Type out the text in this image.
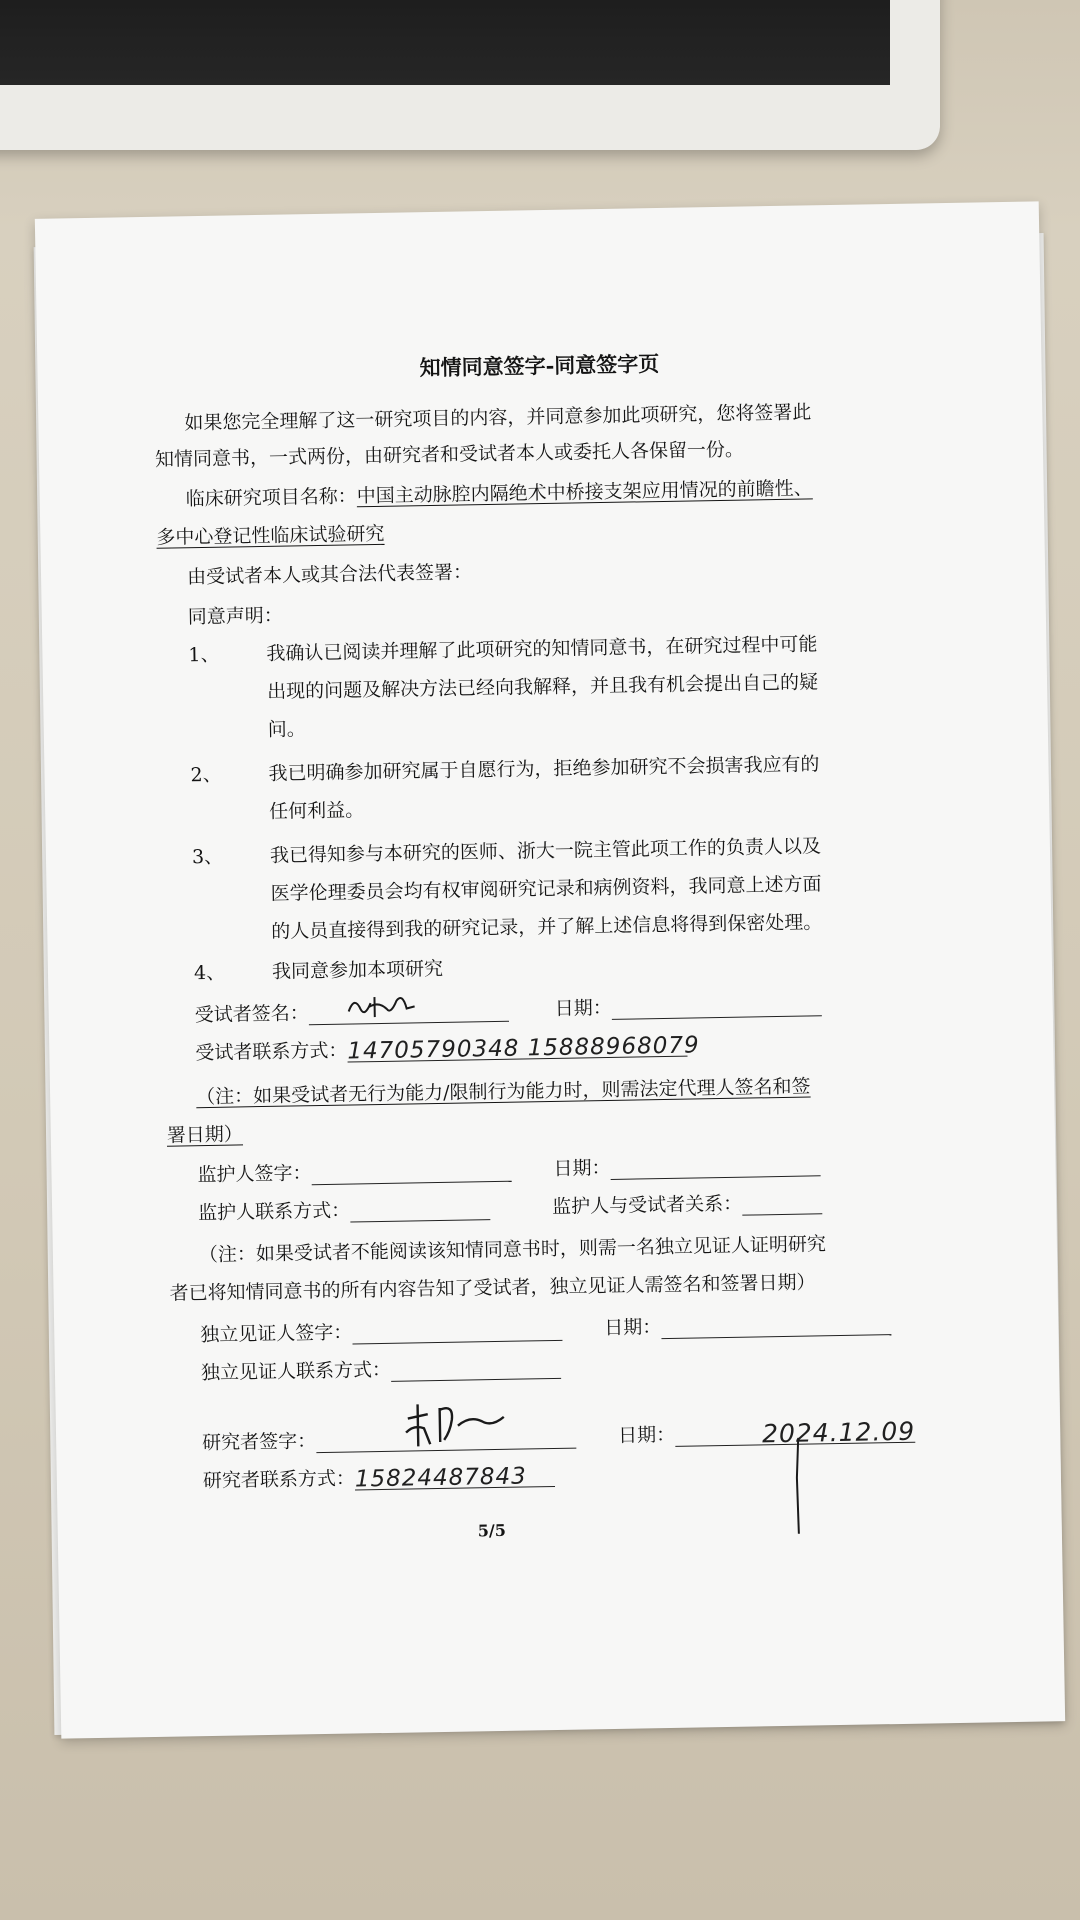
知情同意签字-同意签字页
如果您完全理解了这一研究项目的内容，并同意参加此项研究，您将签署此
知情同意书，一式两份，由研究者和受试者本人或委托人各保留一份。
临床研究项目名称：中国主动脉腔内隔绝术中桥接支架应用情况的前瞻性、
多中心登记性临床试验研究
由受试者本人或其合法代表签署：
同意声明：
1、 我确认已阅读并理解了此项研究的知情同意书，在研究过程中可能
出现的问题及解决方法已经向我解释，并且我有机会提出自己的疑
问。
2、 我已明确参加研究属于自愿行为，拒绝参加研究不会损害我应有的
任何利益。
3、 我已得知参与本研究的医师、浙大一院主管此项工作的负责人以及
医学伦理委员会均有权审阅研究记录和病例资料，我同意上述方面
的人员直接得到我的研究记录，并了解上述信息将得到保密处理。
4、 我同意参加本项研究
受试者签名：	日期：
受试者联系方式：14705790348 15888968079
（注：如果受试者无行为能力/限制行为能力时，则需法定代理人签名和签
署日期）
监护人签字：	日期：
监护人联系方式：	监护人与受试者关系：
（注：如果受试者不能阅读该知情同意书时，则需一名独立见证人证明研究
者已将知情同意书的所有内容告知了受试者，独立见证人需签名和签署日期）
独立见证人签字：	日期：
独立见证人联系方式：
研究者签字：	日期：	2024.12.09
研究者联系方式：15824487843
5/5
